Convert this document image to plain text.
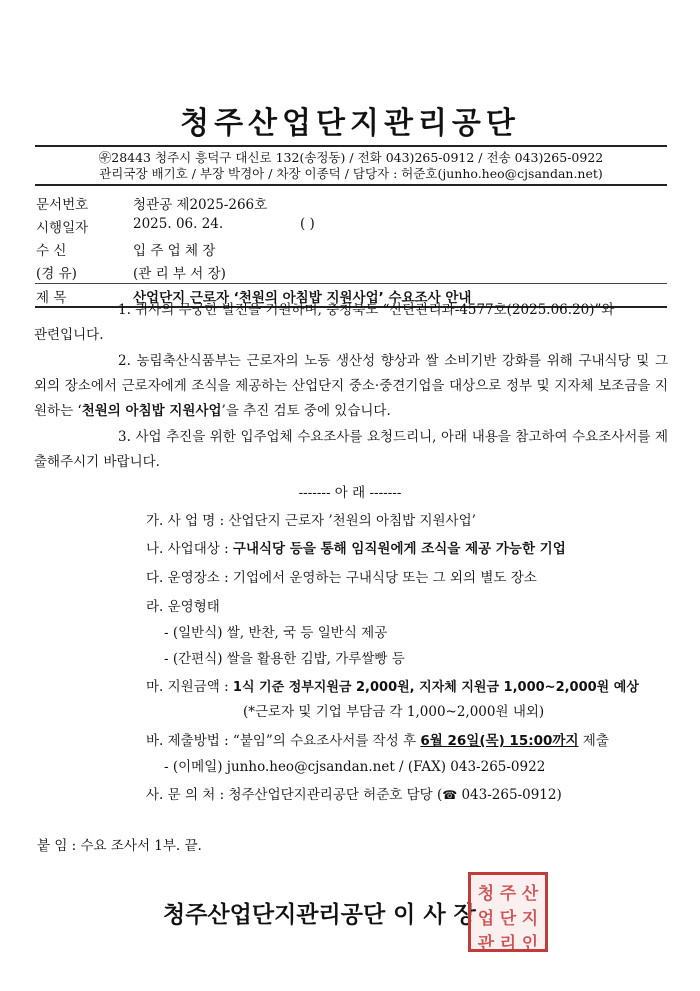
청주산업단지관리공단
㉾28443 청주시 흥덕구 대신로 132(송정동) / 전화 043)265-0912 / 전송 043)265-0922
관리국장 배기호 / 부장 박경아 / 차장 이종덕 / 담당자 : 허준호(junho.heo@cjsandan.net)
문서번호	청관공 제2025-266호
시행일자	2025. 06. 24.	( )
수 신	입 주 업 체 장
(경 유)	(관 리 부 서 장)
제 목	산업단지 근로자 ‘천원의 아침밥 지원사업’ 수요조사 안내
1. 귀사의 무궁한 발전을 기원하며, 충청북도 “산단관리과-4577호(2025.06.20)”와
관련입니다.
2. 농림축산식품부는 근로자의 노동 생산성 향상과 쌀 소비기반 강화를 위해 구내식당 및 그 외의 장소에서 근로자에게 조식을 제공하는 산업단지 중소·중견기업을 대상으로 정부 및 지자체 보조금을 지원하는 ‘천원의 아침밥 지원사업’을 추진 검토 중에 있습니다.
3. 사업 추진을 위한 입주업체 수요조사를 요청드리니, 아래 내용을 참고하여 수요조사서를 제출해주시기 바랍니다.
------- 아 래 -------
가. 사 업 명 : 산업단지 근로자 ’천원의 아침밥 지원사업’
나. 사업대상 : 구내식당 등을 통해 임직원에게 조식을 제공 가능한 기업
다. 운영장소 : 기업에서 운영하는 구내식당 또는 그 외의 별도 장소
라. 운영형태
- (일반식) 쌀, 반찬, 국 등 일반식 제공
- (간편식) 쌀을 활용한 김밥, 가루쌀빵 등
마. 지원금액 : 1식 기준 정부지원금 2,000원, 지자체 지원금 1,000~2,000원 예상
(*근로자 및 기업 부담금 각 1,000~2,000원 내외)
바. 제출방법 : “붙임”의 수요조사서를 작성 후 6월 26일(목) 15:00까지 제출
- (이메일) junho.heo@cjsandan.net / (FAX) 043-265-0922
사. 문 의 처 : 청주산업단지관리공단 허준호 담당 (☎ 043-265-0912)
붙 임 : 수요 조사서 1부. 끝.
청주산업단지관리공단 이 사 장
청 주 산
업 단 지
관 리 인
